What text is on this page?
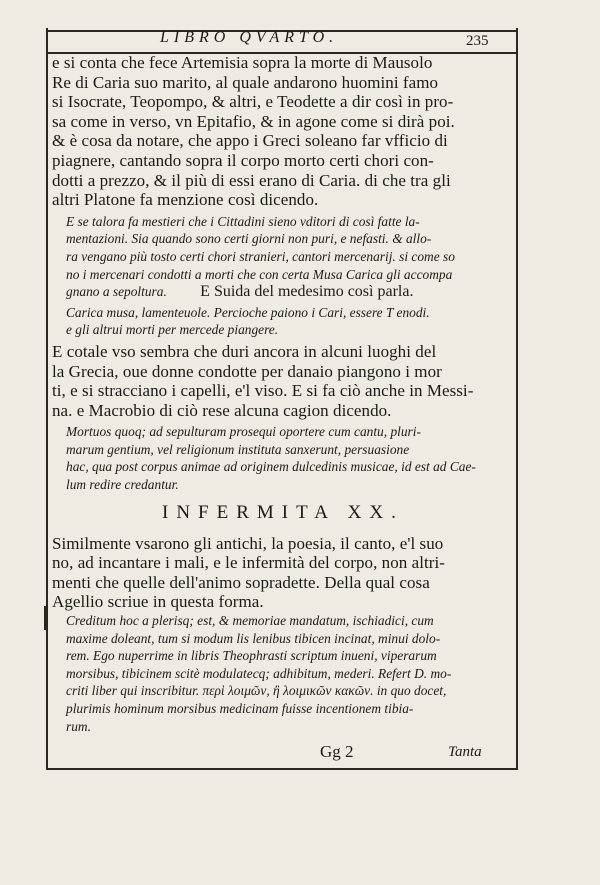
LIBRO QVARTO.	235
e si conta che fece Artemisia sopra la morte di Mausolo
Re di Caria suo marito, al quale andarono huomini famo
si Isocrate, Teopompo, & altri, e Teodette a dir così in pro-
sa come in verso, vn Epitafio, & in agone come si dirà poi.
& è cosa da notare, che appo i Greci soleano far vfficio di
piagnere, cantando sopra il corpo morto certi chori con-
dotti a prezzo, & il più di essi erano di Caria. di che tra gli
altri Platone fa menzione così dicendo.
E se talora fa mestieri che i Cittadini sieno vditori di così fatte la-
mentazioni. Sia quando sono certi giorni non puri, e nefasti. & allo-
ra vengano più tosto certi chori stranieri, cantori mercenarij. si come so
no i mercenari condotti a morti che con certa Musa Carica gli accompa
gnano a sepoltura. E Suida del medesimo così parla.
Carica musa, lamenteuole. Percioche paiono i Cari, essere T enodi.
e gli altrui morti per mercede piangere.
E cotale vso sembra che duri ancora in alcuni luoghi del
la Grecia, oue donne condotte per danaio piangono i mor
ti, e si stracciano i capelli, e'l viso. E si fa ciò anche in Messi-
na. e Macrobio di ciò rese alcuna cagion dicendo.
Mortuos quoq; ad sepulturam prosequi oportere cum cantu, pluri-
marum gentium, vel religionum instituta sanxerunt, persuasione
hac, qua post corpus animae ad originem dulcedinis musicae, id est ad Cae-
lum redire credantur.
INFERMITA XX.
Similmente vsarono gli antichi, la poesia, il canto, e'l suo
no, ad incantare i mali, e le infermità del corpo, non altri-
menti che quelle dell'animo sopradette. Della qual cosa
Agellio scriue in questa forma.
Creditum hoc a plerisq; est, & memoriae mandatum, ischiadici, cum
maxime doleant, tum si modum lis lenibus tibicen incinat, minui dolo-
rem. Ego nuperrime in libris Theophrasti scriptum inueni, viperarum
morsibus, tibicinem scitè modulatecq; adhibitum, mederi. Refert D. mo-
criti liber qui inscribitur. περὶ λοιμῶν, ἢ λοιμικῶν κακῶν. in quo docet,
plurimis hominum morsibus medicinam fuisse incentionem tibia-
rum.
Gg 2	Tanta
